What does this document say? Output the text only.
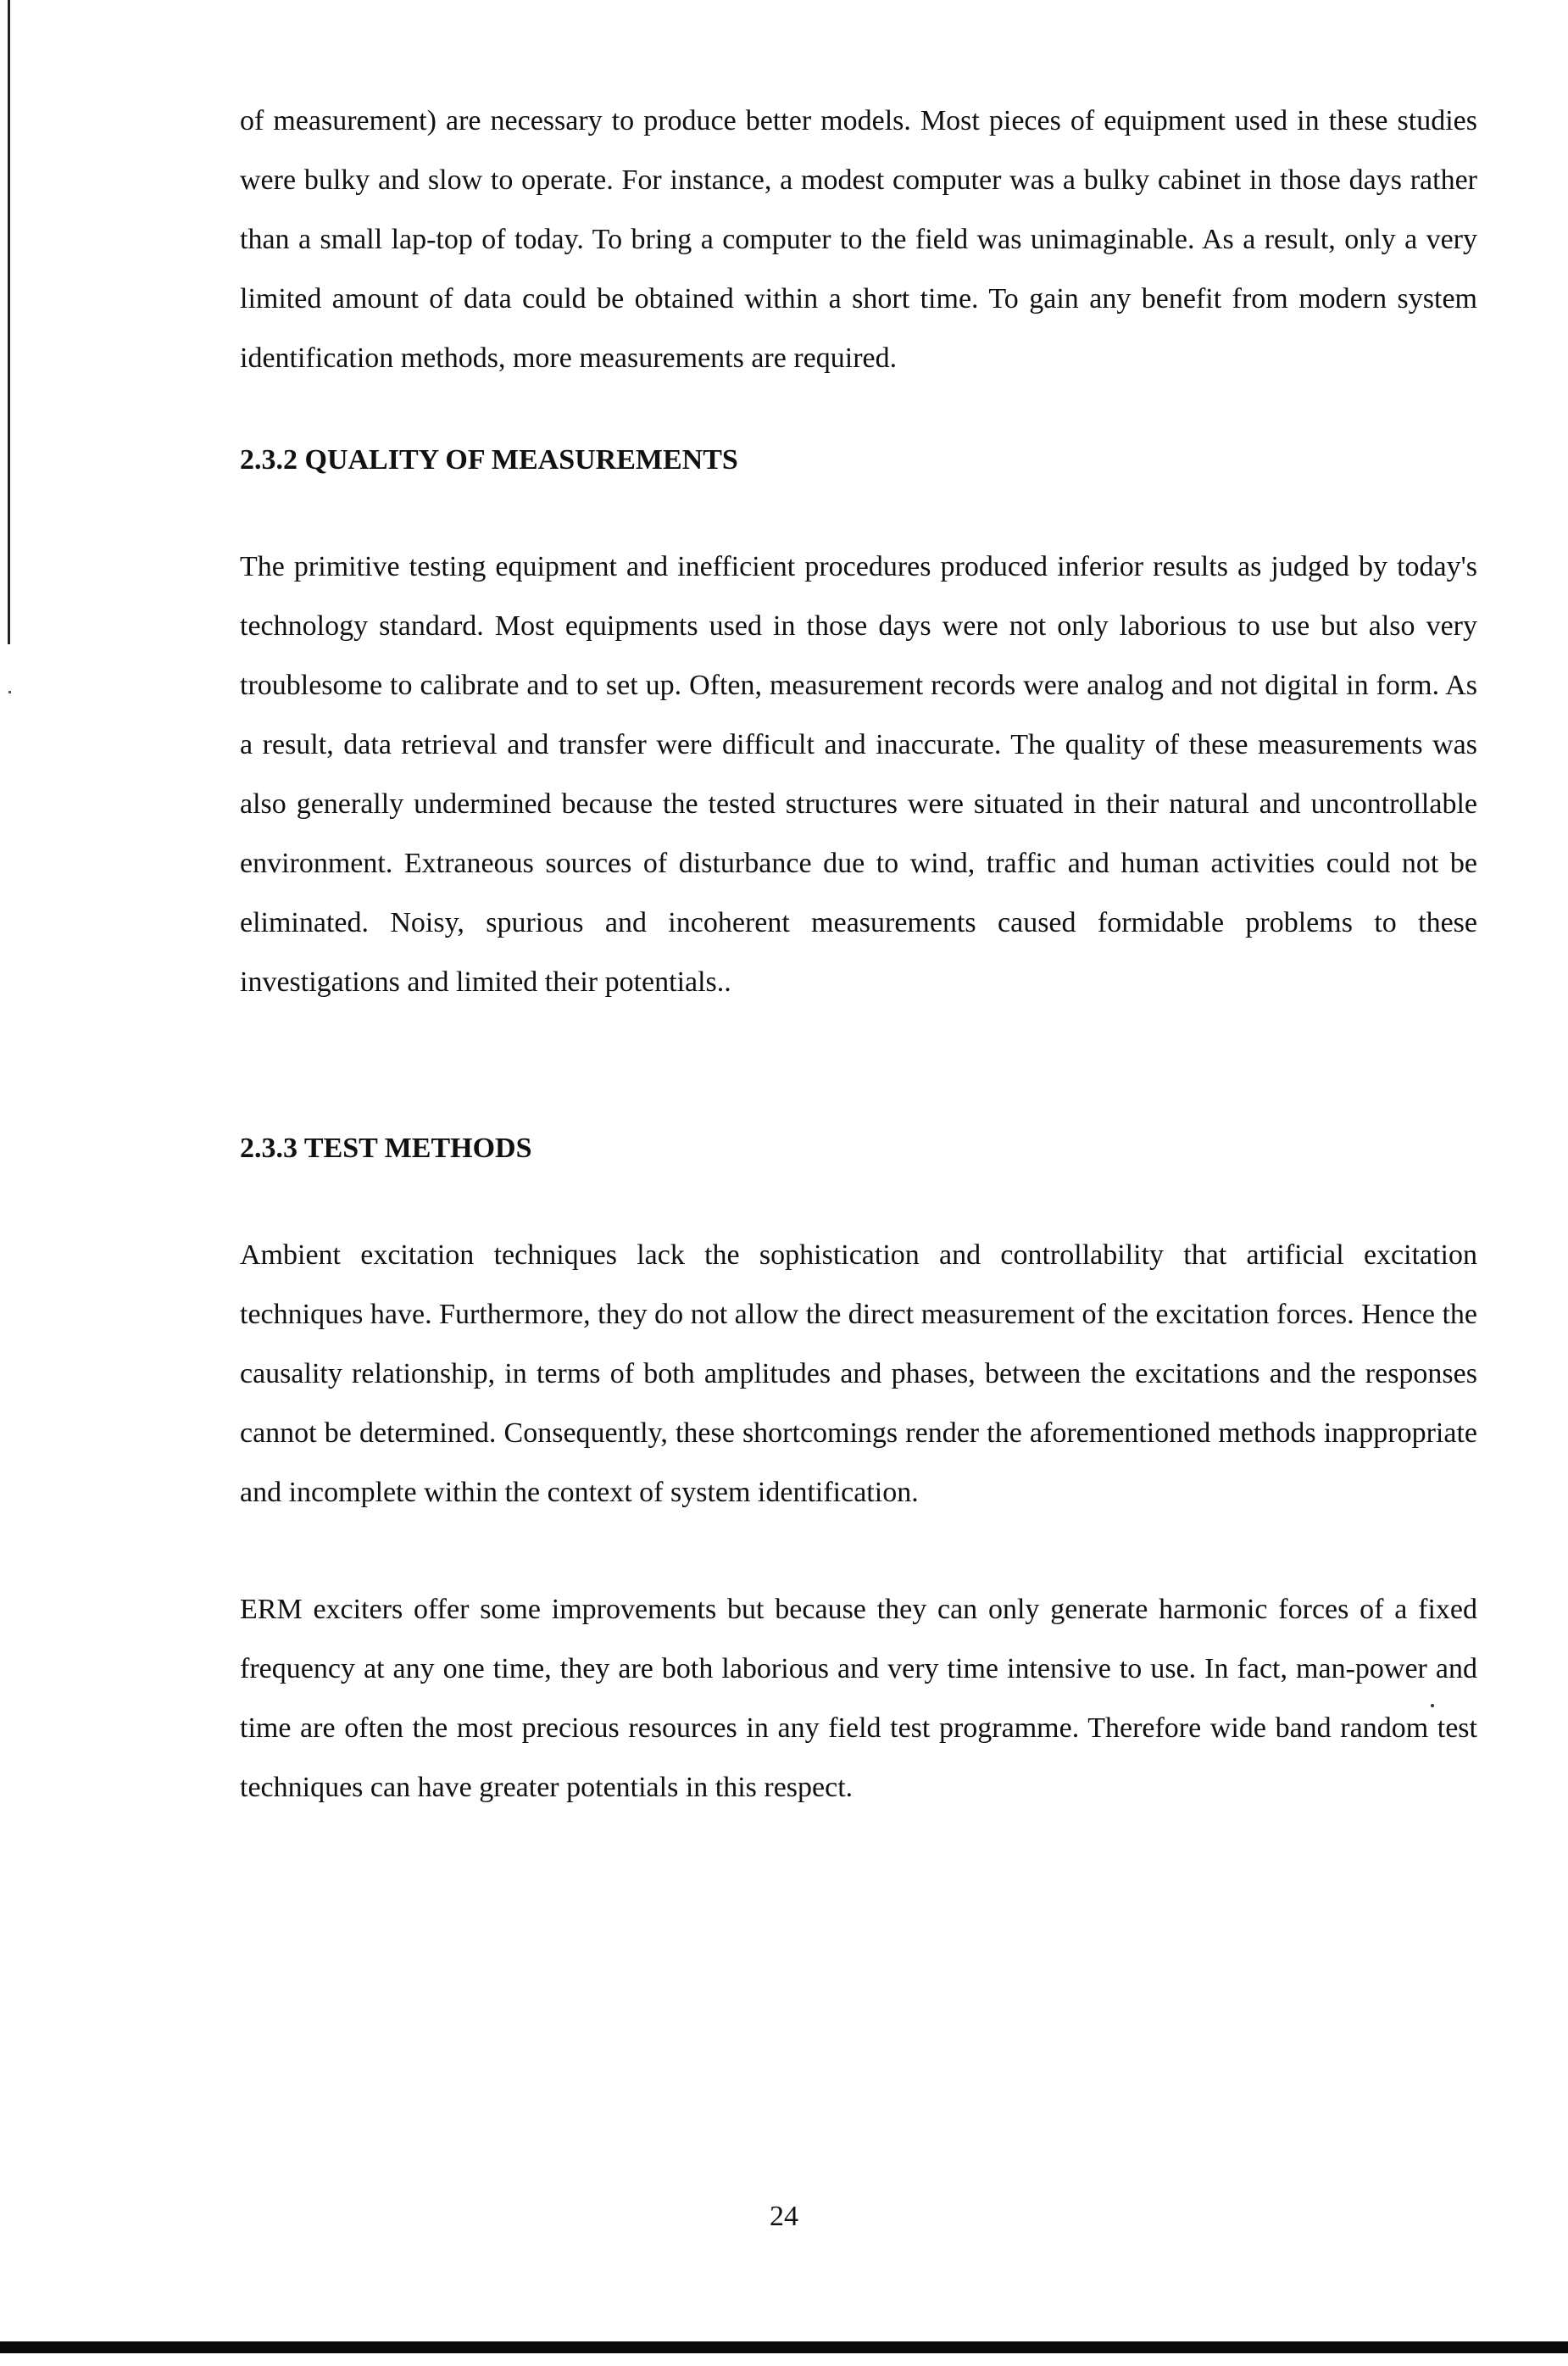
of measurement) are necessary to produce better models. Most pieces of equipment used in these studies were bulky and slow to operate. For instance, a modest computer was a bulky cabinet in those days rather than a small lap-top of today. To bring a computer to the field was unimaginable. As a result, only a very limited amount of data could be obtained within a short time. To gain any benefit from modern system identification methods, more measurements are required.

2.3.2 QUALITY OF MEASUREMENTS

The primitive testing equipment and inefficient procedures produced inferior results as judged by today's technology standard. Most equipments used in those days were not only laborious to use but also very troublesome to calibrate and to set up. Often, measurement records were analog and not digital in form. As a result, data retrieval and transfer were difficult and inaccurate. The quality of these measurements was also generally undermined because the tested structures were situated in their natural and uncontrollable environment. Extraneous sources of disturbance due to wind, traffic and human activities could not be eliminated. Noisy, spurious and incoherent measurements caused formidable problems to these investigations and limited their potentials..

2.3.3 TEST METHODS

Ambient excitation techniques lack the sophistication and controllability that artificial excitation techniques have. Furthermore, they do not allow the direct measurement of the excitation forces. Hence the causality relationship, in terms of both amplitudes and phases, between the excitations and the responses cannot be determined. Consequently, these shortcomings render the aforementioned methods inappropriate and incomplete within the context of system identification.

ERM exciters offer some improvements but because they can only generate harmonic forces of a fixed frequency at any one time, they are both laborious and very time intensive to use. In fact, man-power and time are often the most precious resources in any field test programme. Therefore wide band random test techniques can have greater potentials in this respect.

24
